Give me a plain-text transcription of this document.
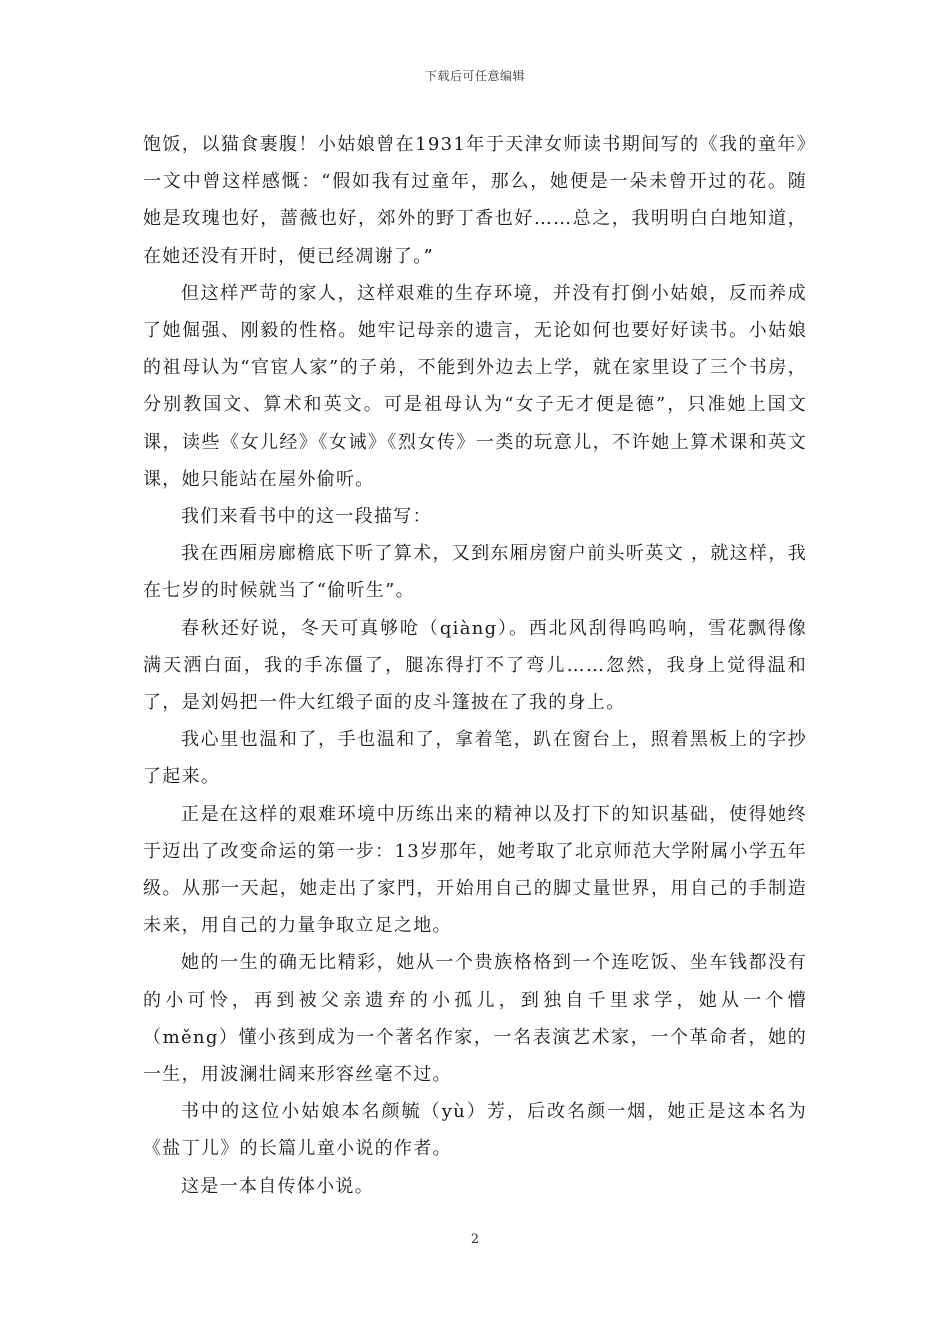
下载后可任意编辑

饱饭，以猫食裹腹！小姑娘曾在1931年于天津女师读书期间写的《我的童年》一文中曾这样感慨：“假如我有过童年，那么，她便是一朵未曾开过的花。随她是玫瑰也好，蔷薇也好，郊外的野丁香也好……总之，我明明白白地知道，在她还没有开时，便已经凋谢了。”

但这样严苛的家人，这样艰难的生存环境，并没有打倒小姑娘，反而养成了她倔强、刚毅的性格。她牢记母亲的遗言，无论如何也要好好读书。小姑娘的祖母认为“官宦人家”的子弟，不能到外边去上学，就在家里设了三个书房，分别教国文、算术和英文。可是祖母认为“女子无才便是德”，只准她上国文课，读些《女儿经》《女诫》《烈女传》一类的玩意儿，不许她上算术课和英文课，她只能站在屋外偷听。

我们来看书中的这一段描写：

我在西厢房廊檐底下听了算术，又到东厢房窗户前头听英文 ，就这样，我在七岁的时候就当了“偷听生”。

春秋还好说，冬天可真够呛（qiàng）。西北风刮得呜呜响，雪花飘得像满天洒白面，我的手冻僵了，腿冻得打不了弯儿……忽然，我身上觉得温和了，是刘妈把一件大红缎子面的皮斗篷披在了我的身上。

我心里也温和了，手也温和了，拿着笔，趴在窗台上，照着黑板上的字抄了起来。

正是在这样的艰难环境中历练出来的精神以及打下的知识基础，使得她终于迈出了改变命运的第一步：13岁那年，她考取了北京师范大学附属小学五年级。从那一天起，她走出了家門，开始用自己的脚丈量世界，用自己的手制造未来，用自己的力量争取立足之地。

她的一生的确无比精彩，她从一个贵族格格到一个连吃饭、坐车钱都没有的小可怜，再到被父亲遗弃的小孤儿，到独自千里求学，她从一个懵（měng）懂小孩到成为一个著名作家，一名表演艺术家，一个革命者，她的一生，用波澜壮阔来形容丝毫不过。

书中的这位小姑娘本名颜毓（yù）芳，后改名颜一烟，她正是这本名为《盐丁儿》的长篇儿童小说的作者。

这是一本自传体小说。

2
